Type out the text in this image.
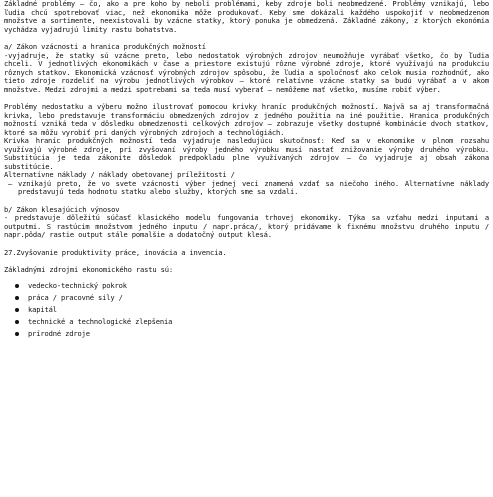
Základné problémy – čo, ako a pre koho by neboli problémami, keby zdroje boli neobmedzené. Problémy vznikajú, lebo ľudia chcú spotrebovať viac, než ekonomika môže produkovať. Keby sme dokázali každého uspokojiť v neobmedzenom množstve a sortimente, neexistovali by vzácne statky, ktorý ponuka je obmedzená. Základné zákony, z ktorých ekonómia vychádza vyjadrujú limity rastu bohatstva.

a/ Zákon vzácnosti a hranica produkčných možností

-vyjadruje, že statky sú vzácne preto, lebo nedostatok výrobných zdrojov neumožňuje vyrábať všetko, čo by ľudia chceli. V jednotlivých ekonomikách v čase a priestore existujú rôzne výrobné zdroje, ktoré využívajú na produkciu rôznych statkov. Ekonomická vzácnosť výrobných zdrojov spôsobu, že ľudia a spoločnosť ako celok musia rozhodnúť, ako tieto zdroje rozdeliť na výrobu jednotlivých výrobkov – ktoré relatívne vzácne statky sa budú vyrábať a v akom množstve. Medzi zdrojmi a medzi spotrebami sa teda musí vyberať – nemôžeme mať všetko, musíme robiť výber.

Problémy nedostatku a výberu možno ilustrovať pomocou krivky hraníc produkčných možností. Najvä sa aj transformačná krivka, lebo predstavuje transformáciu obmedzených zdrojov z jedného použitia na iné použitie. Hranica produkčných možností vzniká teda v dôsledku obmedzenosti celkových zdrojov – zobrazuje všetky dostupné kombinácie dvoch statkov, ktoré sa môžu vyrobiť pri daných výrobných zdrojoch a technológiách.

Krivka hraníc produkčných možností teda vyjadruje nasledujúcu skutočnosť: Keď sa v ekonomike v plnom rozsahu využívajú výrobné zdroje, pri zvyšovaní výroby jedného výrobku musí nastať znižovanie výroby druhého výrobku. Substitúcia je teda zákonite dôsledok predpokladu plne využívaných zdrojov – čo vyjadruje aj obsah zákona substitúcie.

Alternatívne náklady / náklady obetovanej príležitosti /

– vznikajú preto, že vo svete vzácnosti výber jednej veci znamená vzdať sa niečoho iného. Alternatívne náklady predstavujú teda hodnotu statku alebo služby, ktorých sme sa vzdali.

b/ Zákon klesajúcich výnosov

- predstavuje dôležitú súčasť klasického modelu fungovania trhovej ekonomiky. Týka sa vzťahu medzi inputami a outputmi. S rastúcim množstvom jedného inputu / napr.práca/, ktorý pridávame k fixnému množstvu druhého inputu / napr.pôda/ rastie output stále pomalšie a dodatočný output klesá.

27.Zvyšovanie produktivity práce, inovácia a invencia.

Základnými zdrojmi ekonomického rastu sú:

vedecko-technický pokrok
práca / pracovné sily /
kapitál
technické a technologické zlepšenia
prírodné zdroje
